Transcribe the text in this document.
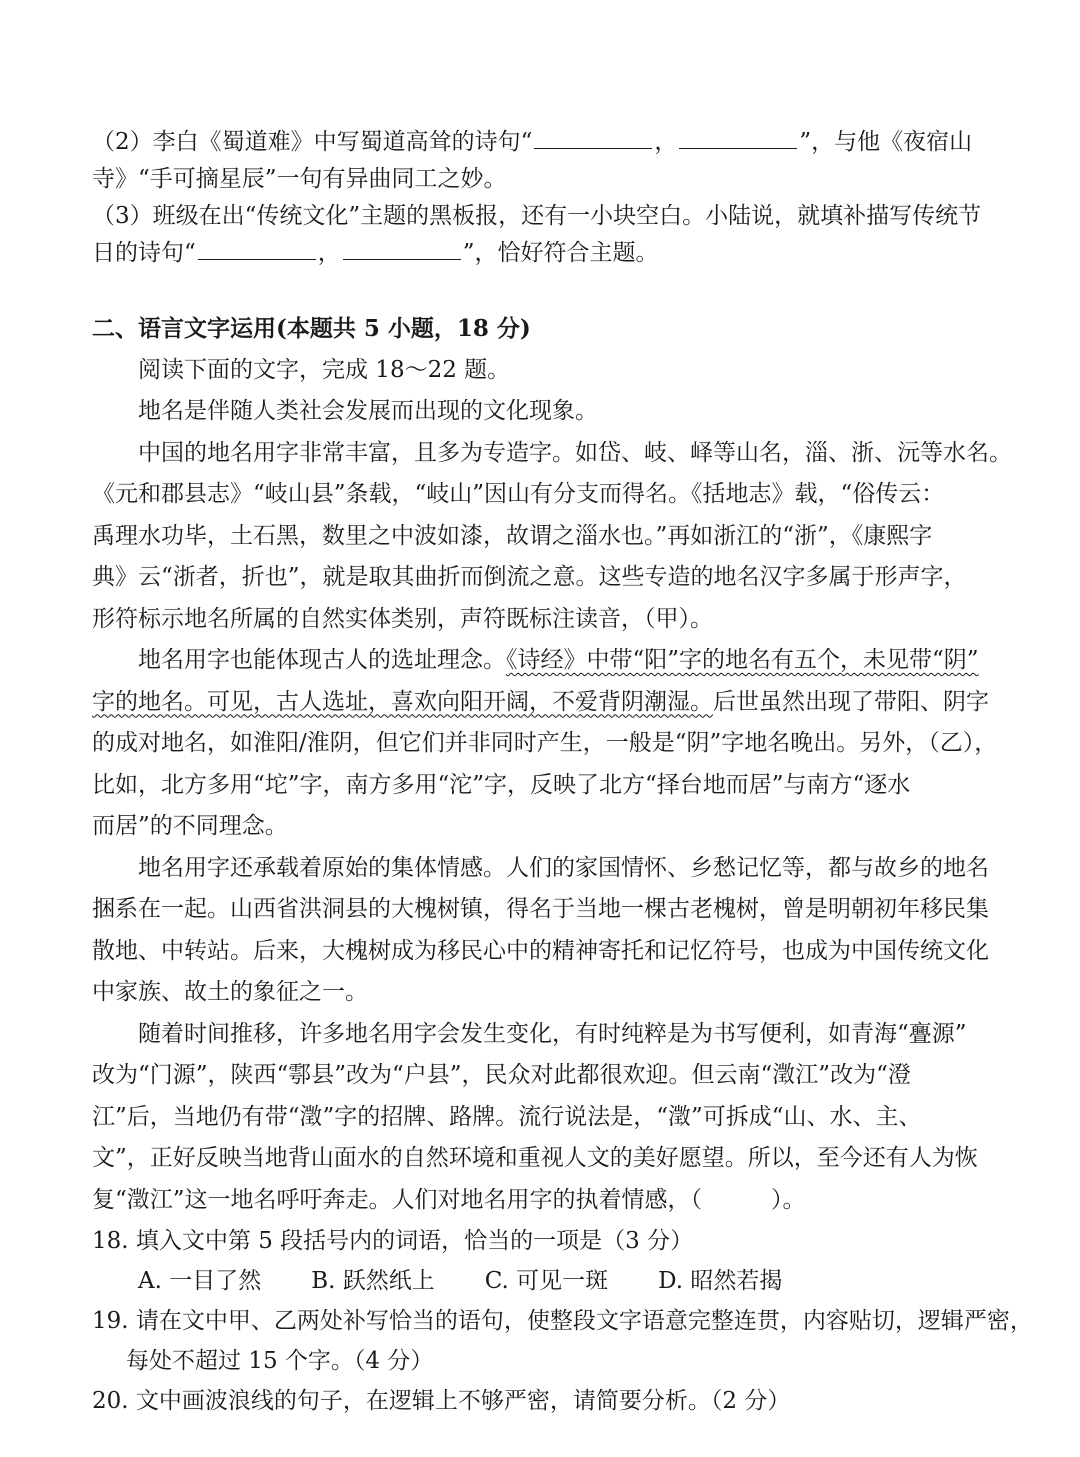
（2）李白《蜀道难》中写蜀道高耸的诗句“	，	”，与他《夜宿山

寺》“手可摘星辰”一句有异曲同工之妙。

（3）班级在出“传统文化”主题的黑板报，还有一小块空白。小陆说，就填补描写传统节

日的诗句“	，	”，恰好符合主题。

二、语言文字运用(本题共 5 小题，18 分)

阅读下面的文字，完成 18～22 题。

地名是伴随人类社会发展而出现的文化现象。

中国的地名用字非常丰富，且多为专造字。如岱、岐、峄等山名，淄、浙、沅等水名。

《元和郡县志》“岐山县”条载，“岐山”因山有分支而得名。《括地志》载，“俗传云：

禹理水功毕，土石黑，数里之中波如漆，故谓之淄水也。”再如浙江的“浙”，《康熙字

典》云“浙者，折也”，就是取其曲折而倒流之意。这些专造的地名汉字多属于形声字，

形符标示地名所属的自然实体类别，声符既标注读音，（甲）。

地名用字也能体现古人的选址理念。《诗经》中带“阳”字的地名有五个，未见带“阴”

字的地名。可见，古人选址，喜欢向阳开阔，不爱背阴潮湿。后世虽然出现了带阳、阴字

的成对地名，如淮阳/淮阴，但它们并非同时产生，一般是“阴”字地名晚出。另外，（乙），

比如，北方多用“坨”字，南方多用“沱”字，反映了北方“择台地而居”与南方“逐水

而居”的不同理念。

地名用字还承载着原始的集体情感。人们的家国情怀、乡愁记忆等，都与故乡的地名

捆系在一起。山西省洪洞县的大槐树镇，得名于当地一棵古老槐树，曾是明朝初年移民集

散地、中转站。后来，大槐树成为移民心中的精神寄托和记忆符号，也成为中国传统文化

中家族、故土的象征之一。

随着时间推移，许多地名用字会发生变化，有时纯粹是为书写便利，如青海“亹源”

改为“门源”，陕西“鄠县”改为“户县”，民众对此都很欢迎。但云南“澂江”改为“澄

江”后，当地仍有带“澂”字的招牌、路牌。流行说法是，“澂”可拆成“山、水、主、

文”，正好反映当地背山面水的自然环境和重视人文的美好愿望。所以，至今还有人为恢

复“澂江”这一地名呼吁奔走。人们对地名用字的执着情感，（　　　）。

18. 填入文中第 5 段括号内的词语，恰当的一项是（3 分）

A. 一目了然 B. 跃然纸上 C. 可见一斑 D. 昭然若揭

19. 请在文中甲、乙两处补写恰当的语句，使整段文字语意完整连贯，内容贴切，逻辑严密，

每处不超过 15 个字。（4 分）

20. 文中画波浪线的句子，在逻辑上不够严密，请简要分析。（2 分）
